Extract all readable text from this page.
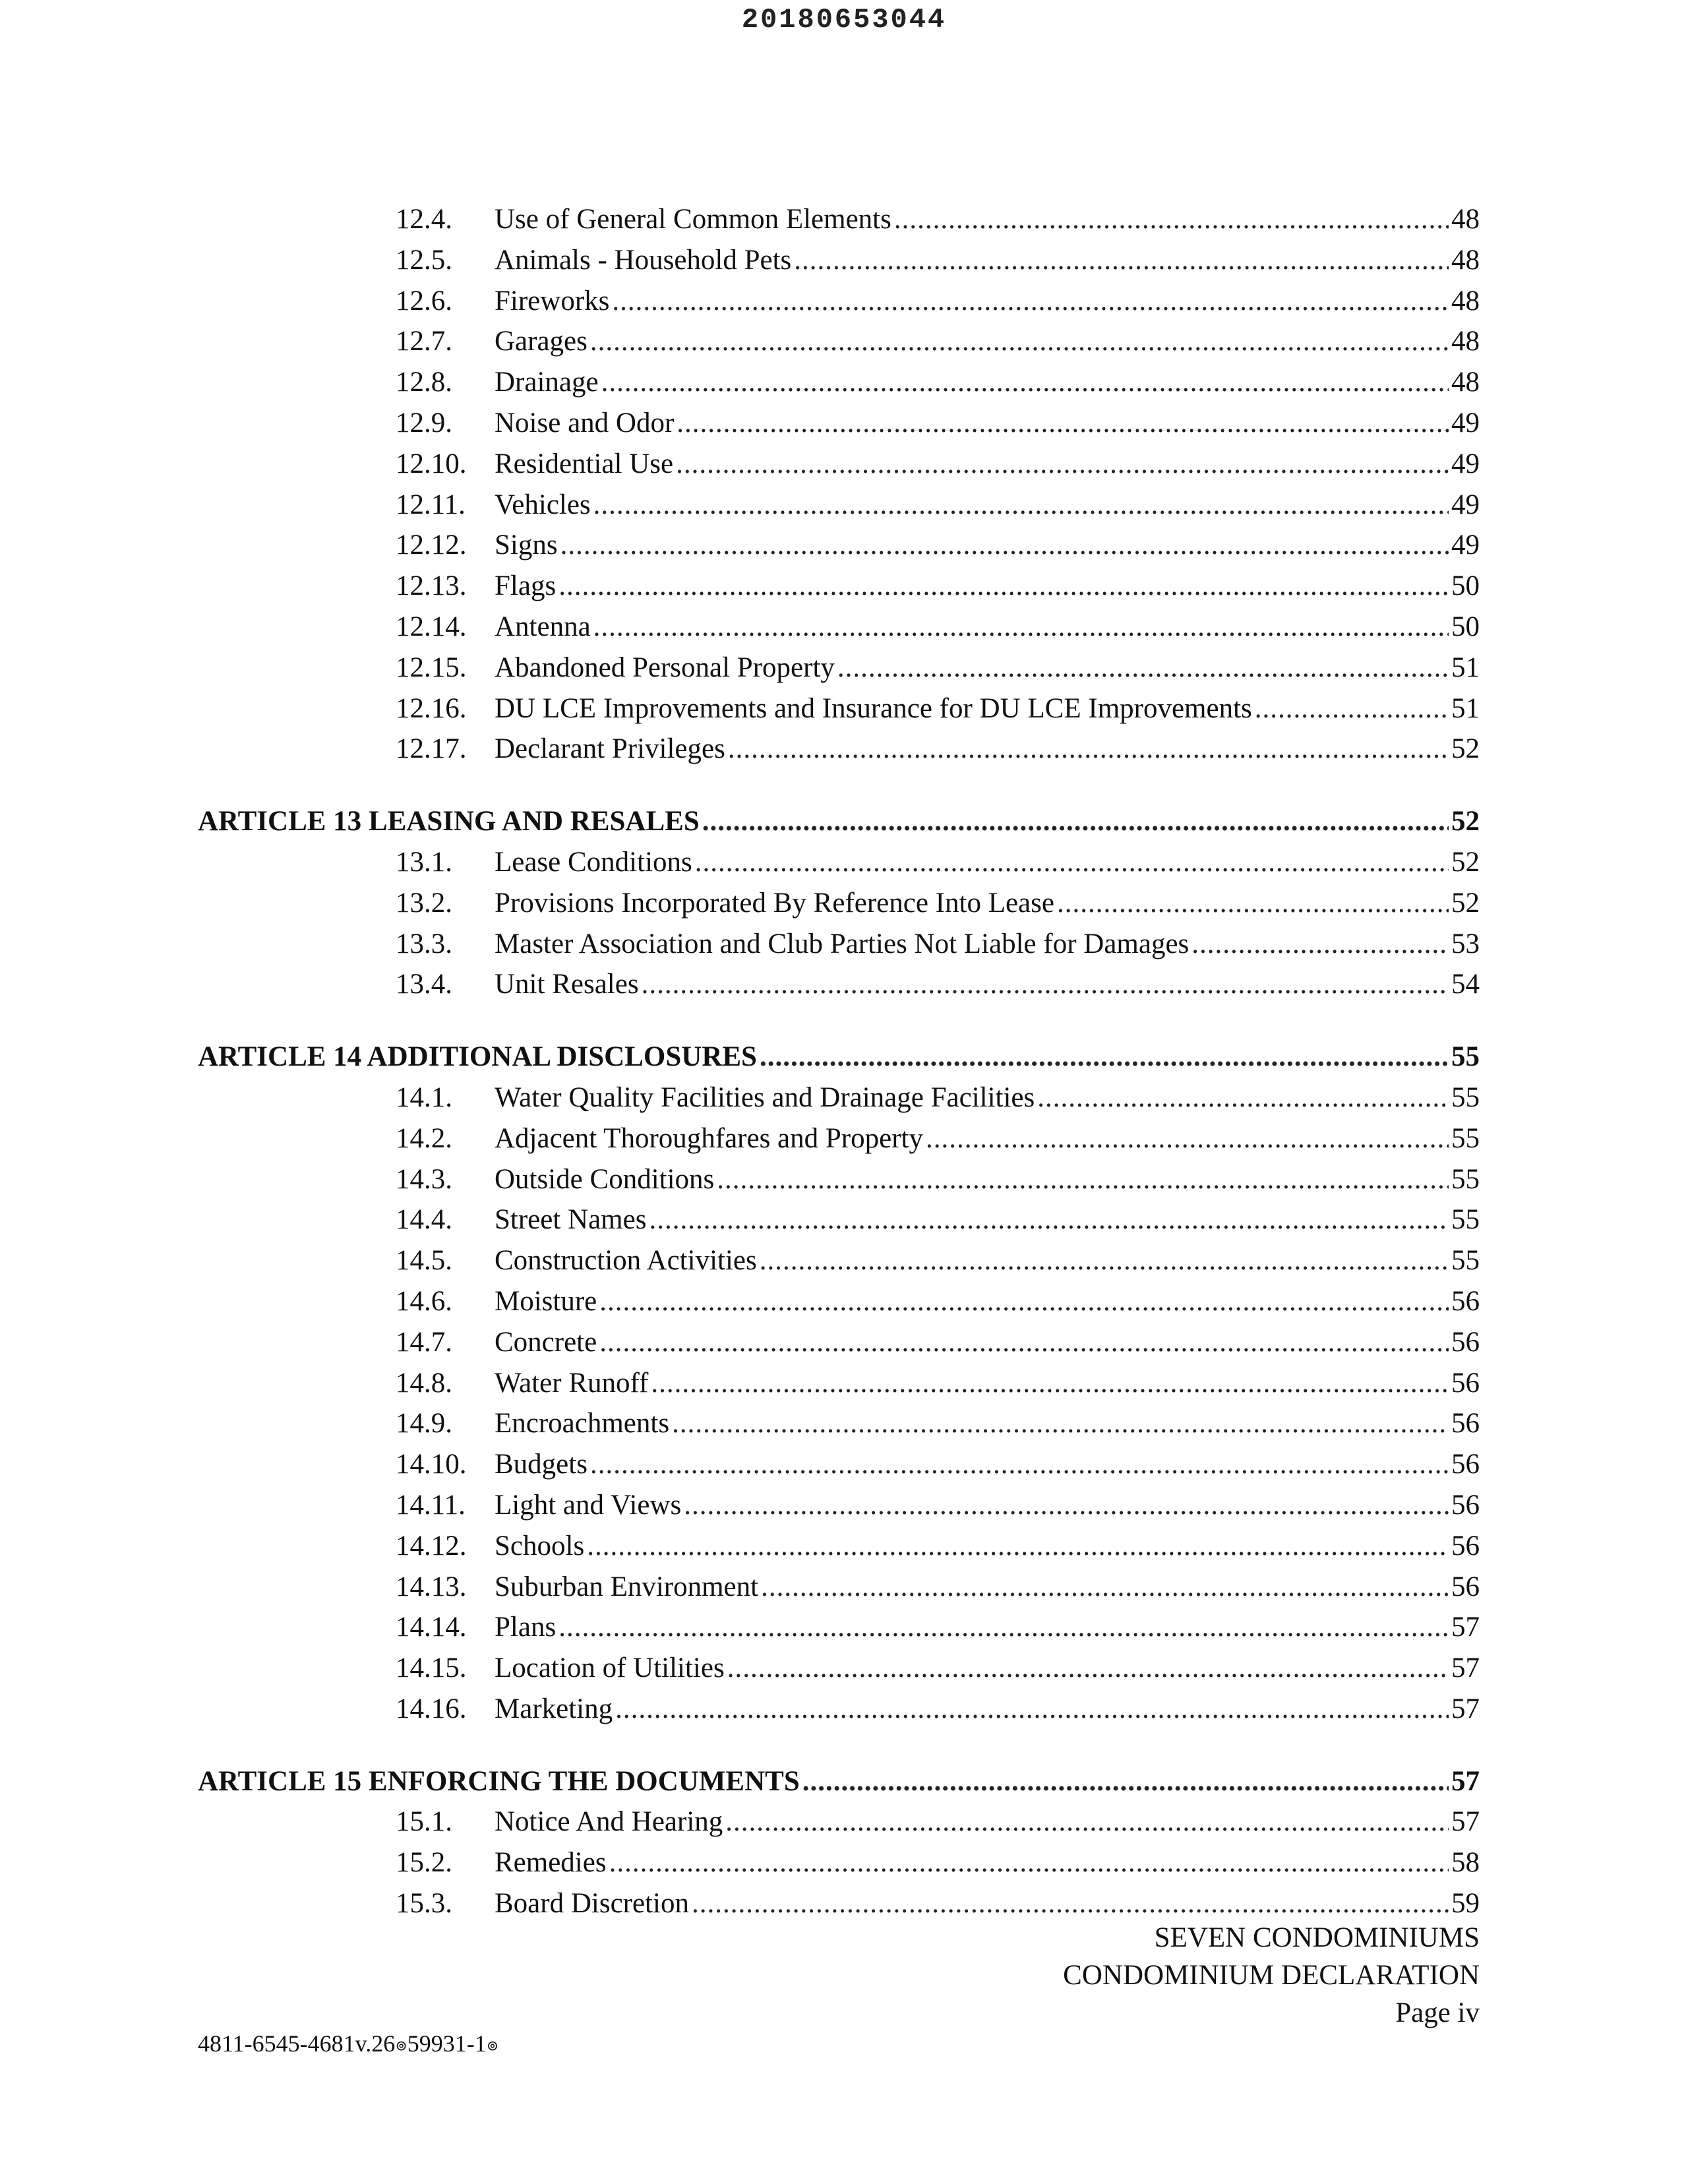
20180653044
12.4.	Use of General Common Elements .....	48
12.5.	Animals - Household Pets .....	48
12.6.	Fireworks .....	48
12.7.	Garages .....	48
12.8.	Drainage .....	48
12.9.	Noise and Odor .....	49
12.10. Residential Use .....	49
12.11.	Vehicles .....	49
12.12. Signs .....	49
12.13. Flags .....	50
12.14. Antenna .....	50
12.15. Abandoned Personal Property .....	51
12.16. DU LCE Improvements and Insurance for DU LCE Improvements .....	51
12.17. Declarant Privileges .....	52
ARTICLE 13 LEASING AND RESALES .....	52
13.1.	Lease Conditions .....	52
13.2.	Provisions Incorporated By Reference Into Lease .....	52
13.3.	Master Association and Club Parties Not Liable for Damages .....	53
13.4.	Unit Resales .....	54
ARTICLE 14 ADDITIONAL DISCLOSURES .....	55
14.1.	Water Quality Facilities and Drainage Facilities .....	55
14.2.	Adjacent Thoroughfares and Property .....	55
14.3.	Outside Conditions .....	55
14.4.	Street Names .....	55
14.5.	Construction Activities .....	55
14.6.	Moisture .....	56
14.7.	Concrete .....	56
14.8.	Water Runoff .....	56
14.9.	Encroachments .....	56
14.10. Budgets .....	56
14.11.	Light and Views .....	56
14.12. Schools .....	56
14.13. Suburban Environment .....	56
14.14. Plans .....	57
14.15. Location of Utilities .....	57
14.16. Marketing .....	57
ARTICLE 15 ENFORCING THE DOCUMENTS .....	57
15.1.	Notice And Hearing .....	57
15.2.	Remedies .....	58
15.3.	Board Discretion .....	59
SEVEN CONDOMINIUMS
CONDOMINIUM DECLARATION
Page iv
4811-6545-4681v.26⊚59931-1⊚
